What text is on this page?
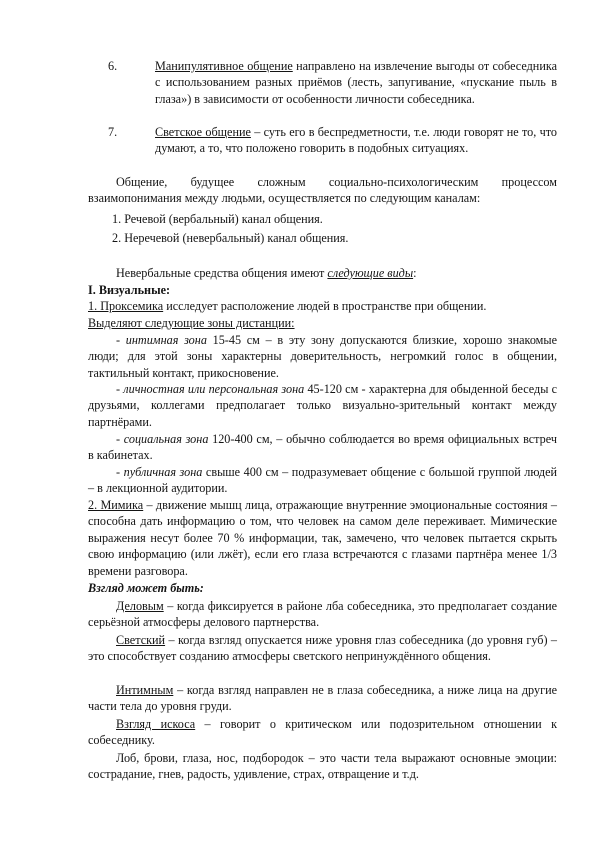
6.	Манипулятивное общение направлено на извлечение выгоды от собеседника с использованием разных приёмов (лесть, запугивание, «пускание пыль в глаза») в зависимости от особенности личности собеседника.

7.	Светское общение – суть его в беспредметности, т.е. люди говорят не то, что думают, а то, что положено говорить в подобных ситуациях.

Общение, будущее сложным социально-психологическим процессом взаимопонимания между людьми, осуществляется по следующим каналам:

1. Речевой (вербальный) канал общения.
2. Неречевой (невербальный) канал общения.

Невербальные средства общения имеют следующие виды:

I. Визуальные:

1. Проксемика исследует расположение людей в пространстве при общении.

Выделяют следующие зоны дистанции:

- интимная зона 15-45 см – в эту зону допускаются близкие, хорошо знакомые люди; для этой зоны характерны доверительность, негромкий голос в общении, тактильный контакт, прикосновение.

- личностная или персональная зона 45-120 см - характерна для обыденной беседы с друзьями, коллегами предполагает только визуально-зрительный контакт между партнёрами.

- социальная зона 120-400 см, – обычно соблюдается во время официальных встреч в кабинетах.

- публичная зона свыше 400 см – подразумевает общение с большой группой людей – в лекционной аудитории.

2. Мимика – движение мышц лица, отражающие внутренние эмоциональные состояния – способна дать информацию о том, что человек на самом деле переживает. Мимические выражения несут более 70 % информации, так, замечено, что человек пытается скрыть свою информацию (или лжёт), если его глаза встречаются с глазами партнёра менее 1/3 времени разговора.

Взгляд может быть:

Деловым – когда фиксируется в районе лба собеседника, это предполагает создание серьёзной атмосферы делового партнерства.

Светский – когда взгляд опускается ниже уровня глаз собеседника (до уровня губ) – это способствует созданию атмосферы светского непринуждённого общения.

Интимным – когда взгляд направлен не в глаза собеседника, а ниже лица на другие части тела до уровня груди.

Взгляд искоса – говорит о критическом или подозрительном отношении к собеседнику.

Лоб, брови, глаза, нос, подбородок – это части тела выражают основные эмоции: сострадание, гнев, радость, удивление, страх, отвращение и т.д.
